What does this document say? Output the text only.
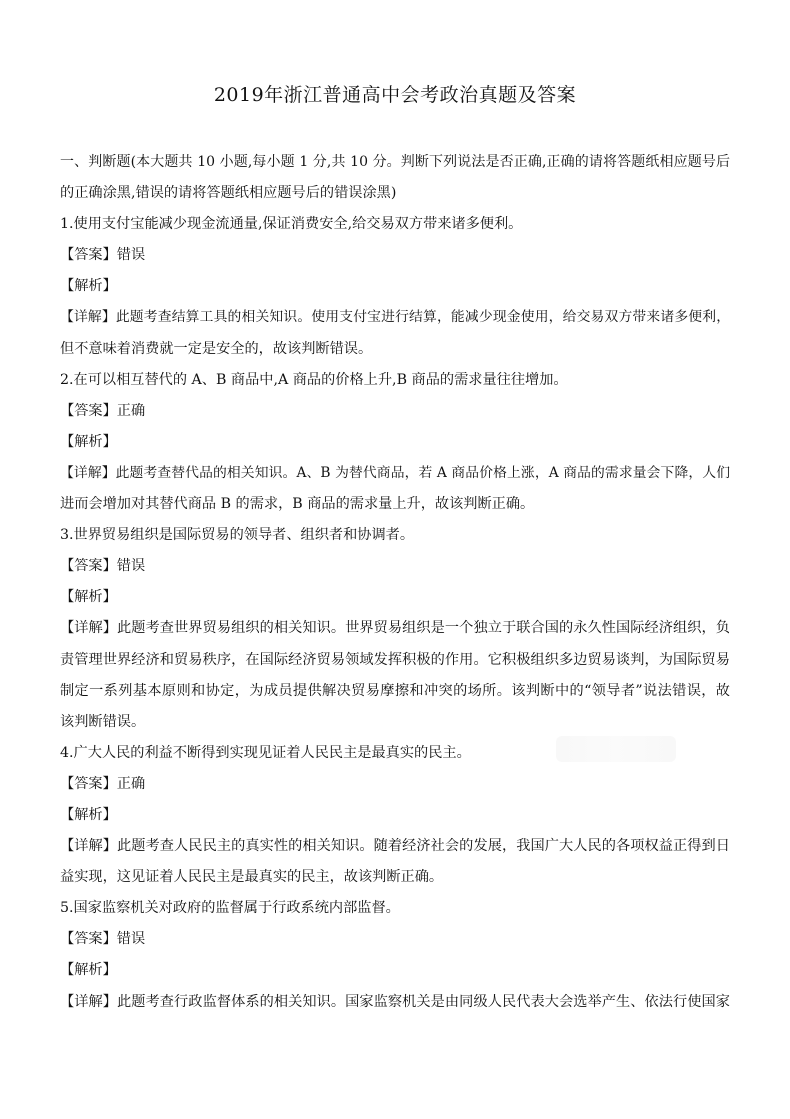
2019年浙江普通高中会考政治真题及答案
一、判断题(本大题共 10 小题,每小题 1 分,共 10 分。判断下列说法是否正确,正确的请将答题纸相应题号后
的正确涂黑,错误的请将答题纸相应题号后的错误涂黑)
1.使用支付宝能减少现金流通量,保证消费安全,给交易双方带来诸多便利。
【答案】错误
【解析】
【详解】此题考查结算工具的相关知识。使用支付宝进行结算，能减少现金使用，给交易双方带来诸多便利，
但不意味着消费就一定是安全的，故该判断错误。
2.在可以相互替代的 A、B 商品中,A 商品的价格上升,B 商品的需求量往往增加。
【答案】正确
【解析】
【详解】此题考查替代品的相关知识。A、B 为替代商品，若 A 商品价格上涨，A 商品的需求量会下降，人们
进而会增加对其替代商品 B 的需求，B 商品的需求量上升，故该判断正确。
3.世界贸易组织是国际贸易的领导者、组织者和协调者。
【答案】错误
【解析】
【详解】此题考查世界贸易组织的相关知识。世界贸易组织是一个独立于联合国的永久性国际经济组织，负
责管理世界经济和贸易秩序，在国际经济贸易领域发挥积极的作用。它积极组织多边贸易谈判，为国际贸易
制定一系列基本原则和协定，为成员提供解决贸易摩擦和冲突的场所。该判断中的“领导者”说法错误，故
该判断错误。
4.广大人民的利益不断得到实现见证着人民民主是最真实的民主。
【答案】正确
【解析】
【详解】此题考查人民民主的真实性的相关知识。随着经济社会的发展，我国广大人民的各项权益正得到日
益实现，这见证着人民民主是最真实的民主，故该判断正确。
5.国家监察机关对政府的监督属于行政系统内部监督。
【答案】错误
【解析】
【详解】此题考查行政监督体系的相关知识。国家监察机关是由同级人民代表大会选举产生、依法行使国家
